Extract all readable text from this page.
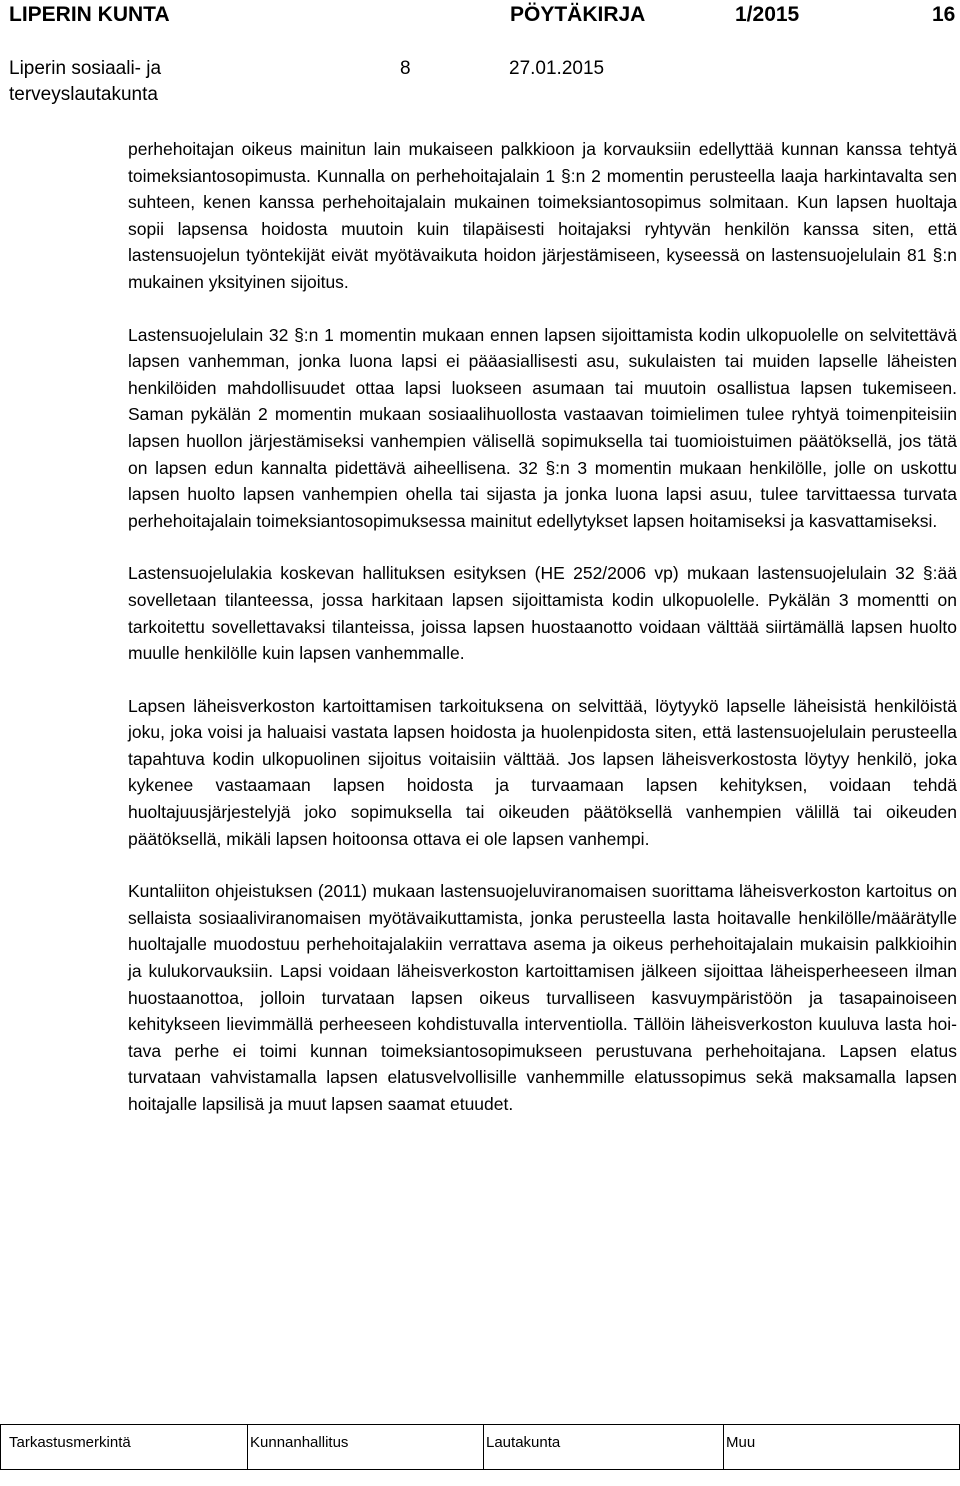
LIPERIN KUNTA	PÖYTÄKIRJA	1/2015	16
Liperin sosiaali- ja terveyslautakunta
8	27.01.2015

perhehoitajan oikeus mainitun lain mukaiseen palkkioon ja korvauksiin edellyttää kunnan kanssa tehtyä toimeksiantosopimusta. Kunnalla on perhehoitajalain 1 §:n 2 momentin perusteella laaja harkintavalta sen suhteen, kenen kanssa perhehoitajalain mukainen toimeksiantosopimus solmitaan. Kun lapsen huoltaja sopii lapsensa hoidosta muutoin kuin tilapäisesti hoitajaksi ryhtyvän henkilön kanssa siten, että lastensuojelun työntekijät eivät myötävaikuta hoidon järjestämiseen, kyseessä on lastensuojelulain 81 §:n mukainen yksityinen sijoitus.

Lastensuojelulain 32 §:n 1 momentin mukaan ennen lapsen sijoittamista kodin ulkopuolelle on selvitettävä lapsen vanhemman, jonka luona lapsi ei pääasiallisesti asu, sukulaisten tai muiden lapselle läheisten henkilöiden mahdollisuudet ottaa lapsi luokseen asumaan tai muutoin osallistua lapsen tukemiseen. Saman pykälän 2 momentin mukaan sosiaalihuollosta vastaavan toimielimen tulee ryhtyä toimenpiteisiin lapsen huollon järjestämiseksi vanhempien välisellä sopimuksella tai tuomioistuimen päätöksellä, jos tätä on lapsen edun kannalta pidettävä aiheellisena. 32 §:n 3 momentin mukaan henkilölle, jolle on uskottu lapsen huolto lapsen vanhempien ohella tai sijasta ja jonka luona lapsi asuu, tulee tarvittaessa turvata perhehoitajalain toimeksiantosopimuksessa mainitut edellytykset lapsen hoitamiseksi ja kasvattamiseksi.

Lastensuojelulakia koskevan hallituksen esityksen (HE 252/2006 vp) mukaan lastensuojelulain 32 §:ää sovelletaan tilanteessa, jossa harkitaan lapsen sijoittamista kodin ulkopuolelle. Pykälän 3 momentti on tarkoitettu sovellettavaksi tilanteissa, joissa lapsen huostaanotto voidaan välttää siirtämällä lapsen huolto muulle henkilölle kuin lapsen vanhemmalle.

Lapsen läheisverkoston kartoittamisen tarkoituksena on selvittää, löytyykö lapselle läheisistä henkilöistä joku, joka voisi ja haluaisi vastata lapsen hoidosta ja huolenpidosta siten, että lastensuojelulain perusteella tapahtuva kodin ulkopuolinen sijoitus voitaisiin välttää. Jos lapsen läheisverkostosta löytyy henkilö, joka kykenee vastaamaan lapsen hoidosta ja turvaamaan lapsen kehityksen, voidaan tehdä huoltajuusjärjestelyjä joko sopimuksella tai oikeuden päätöksellä vanhempien välillä tai oikeuden päätöksellä, mikäli lapsen hoitoonsa ottava ei ole lapsen vanhempi.

Kuntaliiton ohjeistuksen (2011) mukaan lastensuojeluviranomaisen suorittama läheisverkoston kartoitus on sellaista sosiaaliviranomaisen myötävaikuttamista, jonka perusteella lasta hoitavalle henkilölle/määrätylle huoltajalle muodostuu perhehoitajalakiin verrattava asema ja oikeus perhehoitajalain mukaisin palkkioihin ja kulukorvauksiin. Lapsi voidaan läheisverkoston kartoittamisen jälkeen sijoittaa läheisperheeseen ilman huostaanottoa, jolloin turvataan lapsen oikeus turvalliseen kasvuympäristöön ja tasapainoiseen kehitykseen lievimmällä perheeseen kohdistuvalla interventiolla. Tällöin läheisverkoston kuuluva lasta hoitava perhe ei toimi kunnan toimeksiantosopimukseen perustuvana perhehoitajana. Lapsen elatus turvataan vahvistamalla lapsen elatusvelvollisille vanhemmille elatussopimus sekä maksamalla lapsen hoitajalle lapsilisä ja muut lapsen saamat etuudet.

Tarkastusmerkintä	Kunnanhallitus	Lautakunta	Muu
